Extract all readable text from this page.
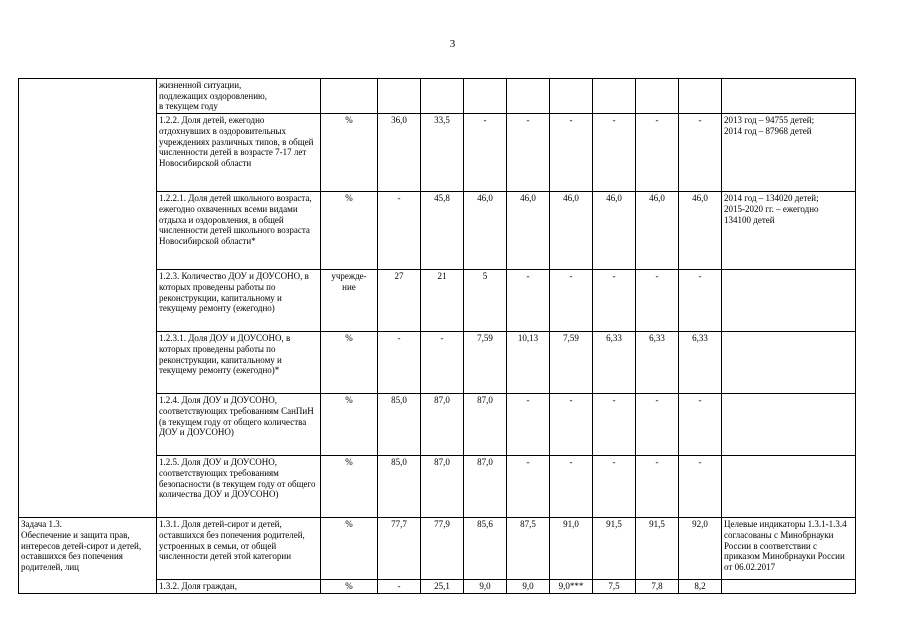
3
	жизненной ситуации,
подлежащих оздоровлению,
в текущем году										
	1.2.2. Доля детей, ежегодно отдохнувших в оздоровительных учреждениях различных типов, в общей численности детей в возрасте 7-17 лет Новосибирской области	%	36,0	33,5	-	-	-	-	-	-	2013 год – 94755 детей;
2014 год – 87968 детей
	1.2.2.1. Доля детей школьного возраста, ежегодно охваченных всеми видами отдыха и оздоровления, в общей численности детей школьного возраста Новосибирской области*	%	-	45,8	46,0	46,0	46,0	46,0	46,0	46,0	2014 год – 134020 детей;
2015-2020 гг. – ежегодно
134100 детей
	1.2.3. Количество ДОУ и ДОУСОНО, в которых проведены работы по реконструкции, капитальному и текущему ремонту (ежегодно)	учрежде-
ние	27	21	5	-	-	-	-	-	
	1.2.3.1. Доля ДОУ и ДОУСОНО, в которых проведены работы по реконструкции, капитальному и текущему ремонту (ежегодно)*	%	-	-	7,59	10,13	7,59	6,33	6,33	6,33	
	1.2.4. Доля ДОУ и ДОУСОНО, соответствующих требованиям СанПиН (в текущем году от общего количества ДОУ и ДОУСОНО)	%	85,0	87,0	87,0	-	-	-	-	-	
	1.2.5. Доля ДОУ и ДОУСОНО, соответствующих требованиям безопасности (в текущем году от общего количества ДОУ и ДОУСОНО)	%	85,0	87,0	87,0	-	-	-	-	-	
Задача 1.3.
Обеспечение и защита прав, интересов детей-сирот и детей, оставшихся без попечения родителей, лиц	1.3.1. Доля детей-сирот и детей, оставшихся без попечения родителей, устроенных в семьи, от общей численности детей этой категории	%	77,7	77,9	85,6	87,5	91,0	91,5	91,5	92,0	Целевые индикаторы 1.3.1-1.3.4 согласованы с Минобрнауки России в соответствии с приказом Минобрнауки России от 06.02.2017
	1.3.2. Доля граждан,	%	-	25,1	9,0	9,0	9,0***	7,5	7,8	8,2	
